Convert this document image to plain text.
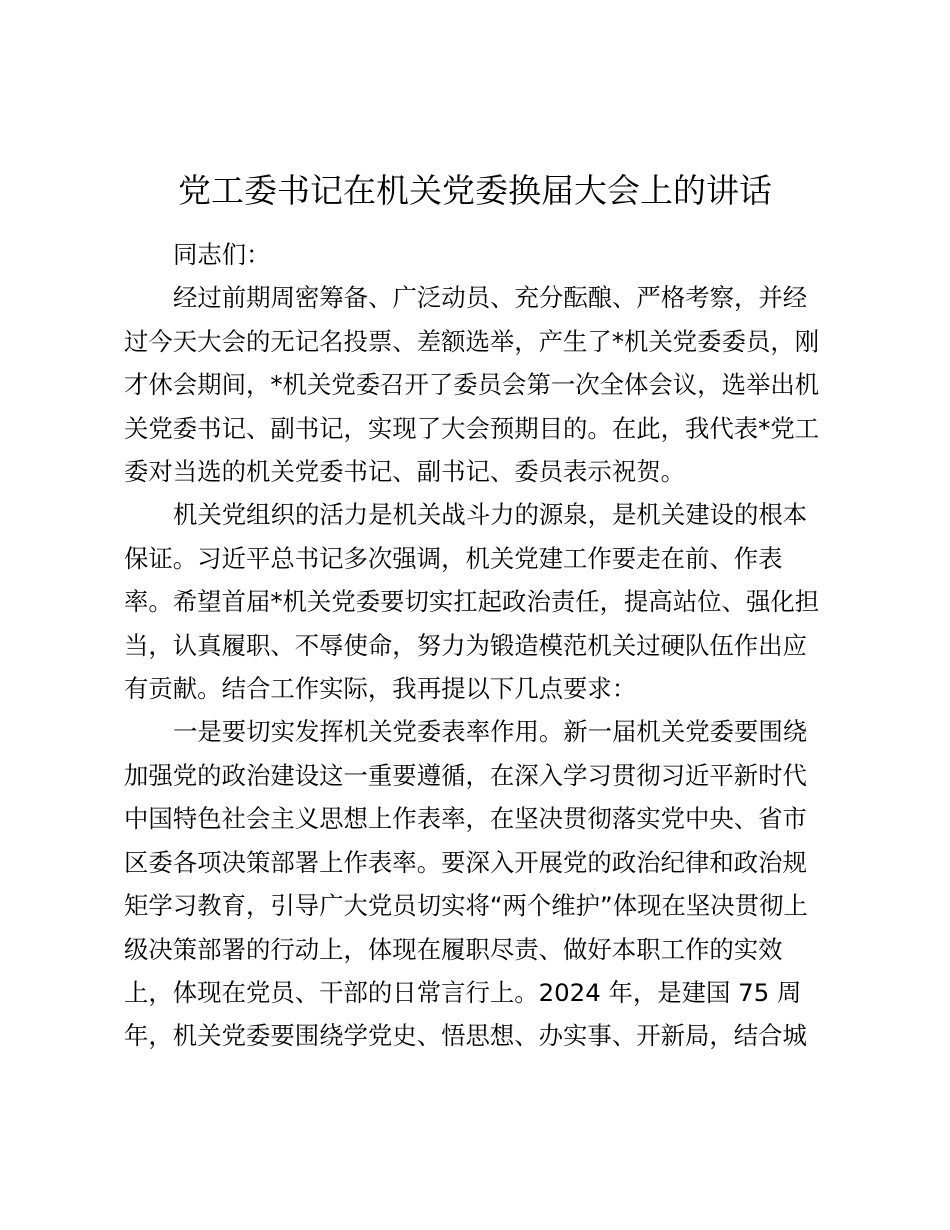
党工委书记在机关党委换届大会上的讲话

同志们：

经过前期周密筹备、广泛动员、充分酝酿、严格考察，并经
过今天大会的无记名投票、差额选举，产生了*机关党委委员，刚
才休会期间，*机关党委召开了委员会第一次全体会议，选举出机
关党委书记、副书记，实现了大会预期目的。在此，我代表*党工
委对当选的机关党委书记、副书记、委员表示祝贺。

机关党组织的活力是机关战斗力的源泉，是机关建设的根本
保证。习近平总书记多次强调，机关党建工作要走在前、作表
率。希望首届*机关党委要切实扛起政治责任，提高站位、强化担
当，认真履职、不辱使命，努力为锻造模范机关过硬队伍作出应
有贡献。结合工作实际，我再提以下几点要求：

一是要切实发挥机关党委表率作用。新一届机关党委要围绕
加强党的政治建设这一重要遵循，在深入学习贯彻习近平新时代
中国特色社会主义思想上作表率，在坚决贯彻落实党中央、省市
区委各项决策部署上作表率。要深入开展党的政治纪律和政治规
矩学习教育，引导广大党员切实将“两个维护”体现在坚决贯彻上
级决策部署的行动上，体现在履职尽责、做好本职工作的实效
上，体现在党员、干部的日常言行上。2024 年，是建国 75 周
年，机关党委要围绕学党史、悟思想、办实事、开新局，结合城
